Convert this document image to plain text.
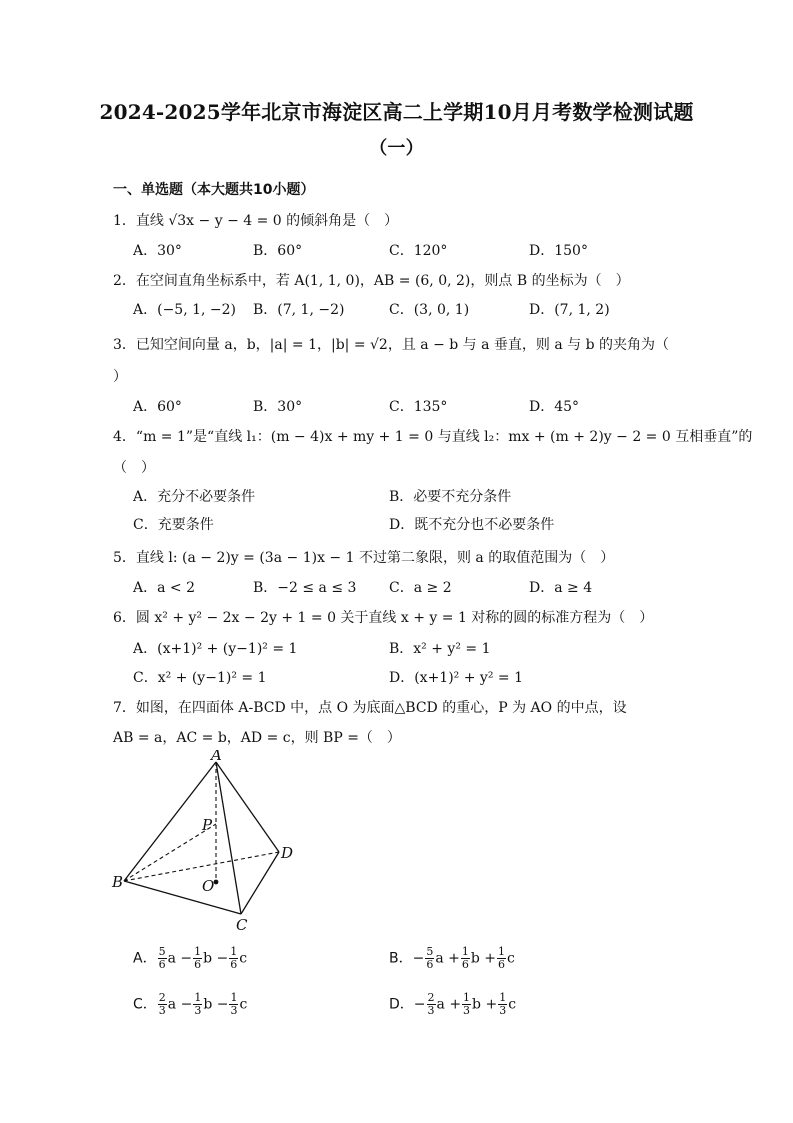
2024-2025学年北京市海淀区高二上学期10月月考数学检测试题
（一）
一、单选题（本大题共10小题）
1．直线 √3x − y − 4 = 0 的倾斜角是（　）
A．30°	B．60°	C．120°	D．150°
2．在空间直角坐标系中，若 A(1, 1, 0)，AB = (6, 0, 2)，则点 B 的坐标为（　）
A．(−5, 1, −2) B．(7, 1, −2)	C．(3, 0, 1)	D．(7, 1, 2)
3．已知空间向量 a，b，|a| = 1，|b| = √2，且 a − b 与 a 垂直，则 a 与 b 的夹角为（
）
A．60°	B．30°	C．135°	D．45°
4．“m = 1”是“直线 l₁：(m − 4)x + my + 1 = 0 与直线 l₂：mx + (m + 2)y − 2 = 0 互相垂直”的
（　）
A．充分不必要条件	B．必要不充分条件
C．充要条件	D．既不充分也不必要条件
5．直线 l: (a − 2)y = (3a − 1)x − 1 不过第二象限，则 a 的取值范围为（　）
A．a < 2	B．−2 ≤ a ≤ 3 C．a ≥ 2	D．a ≥ 4
6．圆 x² + y² − 2x − 2y + 1 = 0 关于直线 x + y = 1 对称的圆的标准方程为（　）
A．(x+1)² + (y−1)² = 1	B．x² + y² = 1
C．x² + (y−1)² = 1	D．(x+1)² + y² = 1
7．如图，在四面体 A-BCD 中，点 O 为底面△BCD 的重心，P 为 AO 的中点，设
AB = a，AC = b，AD = c，则 BP =（　）
A
B
C
D
O
P
A． $\frac{5}{6}$ $a - \frac{1}{6}$ $b - \frac{1}{6}$ c	B．− $\frac{5}{6}$ $a + \frac{1}{6}$ $b + \frac{1}{6}$ c
C． $\frac{2}{3}$ $a - \frac{1}{3}$ $b - \frac{1}{3}$ c	D．− $\frac{2}{3}$ $a + \frac{1}{3}$ $b + \frac{1}{3}$ c
